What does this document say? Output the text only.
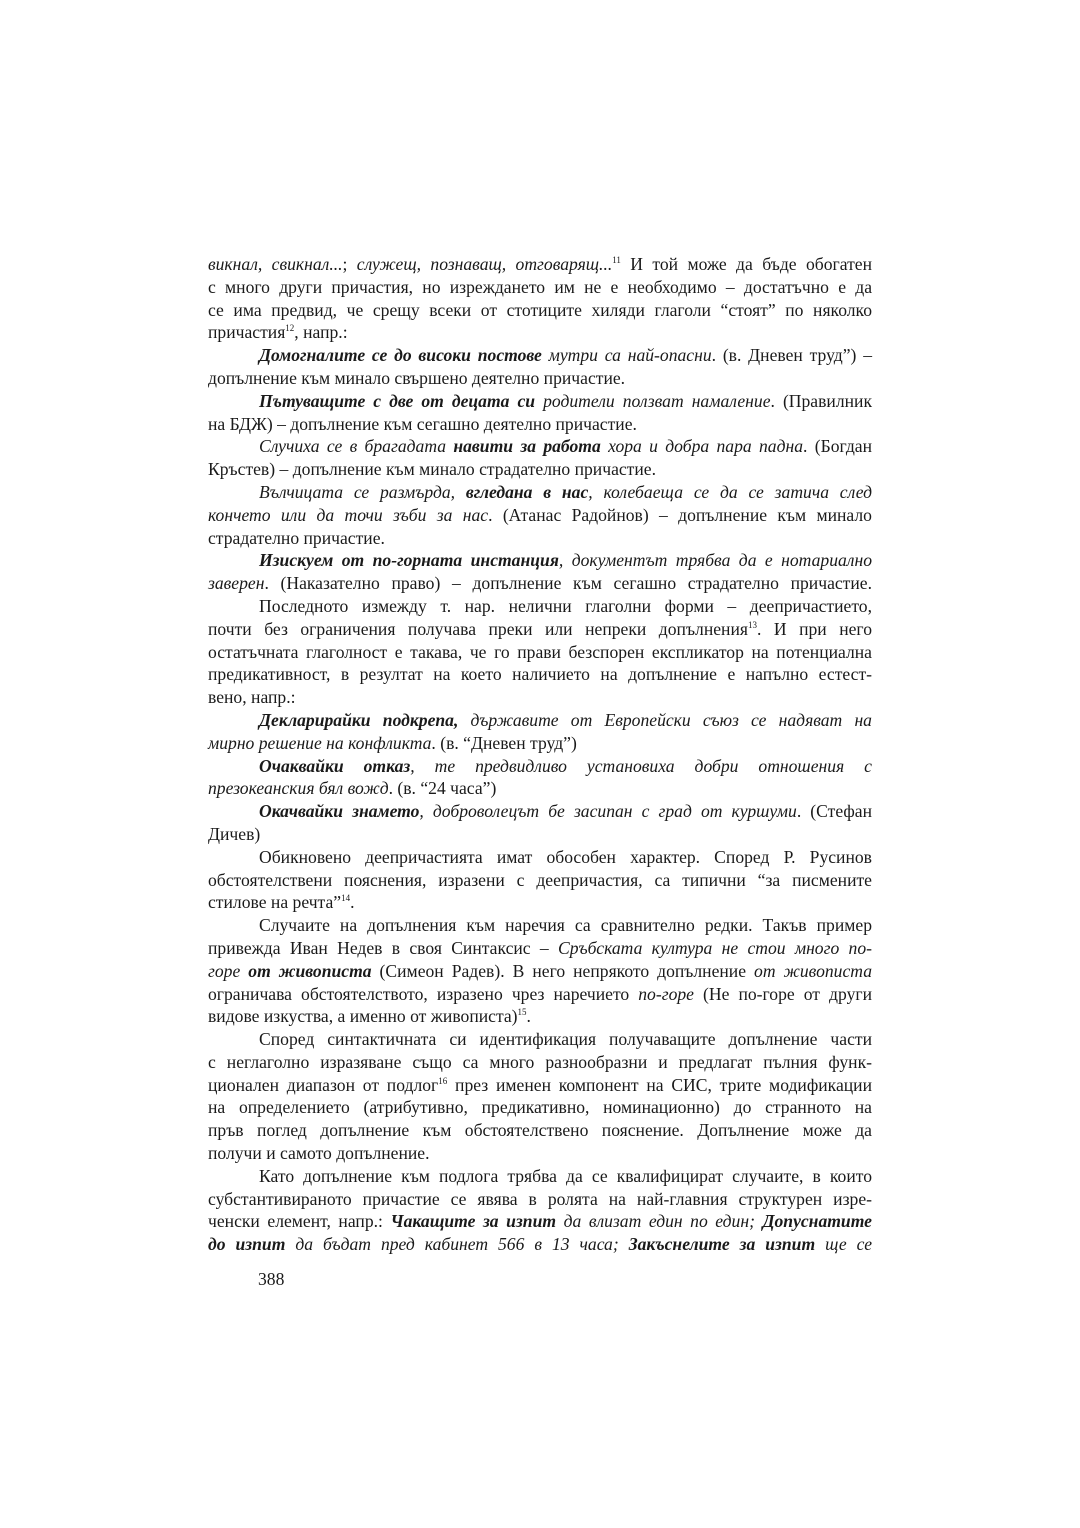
викнал, свикнал...; служещ, познаващ, отговарящ...$^{11}$ И той може да бъде обогатен
с много други причастия, но изреждането им не е необходимо – достатъчно е да
се има предвид, че срещу всеки от стотиците хиляди глаголи “стоят” по няколко
причастия$^{12}$, напр.:
Домогналите се до високи постове мутри са най-опасни. (в. Дневен труд”) –
допълнение към минало свършено деятелно причастие.
Пътуващите с две от децата си родители ползват намаление. (Правилник
на БДЖ) – допълнение към сегашно деятелно причастие.
Случиха се в брагадата навити за работа хора и добра пара падна. (Богдан
Кръстев) – допълнение към минало страдателно причастие.
Вълчицата се размърда, вгледана в нас, колебаеща се да се затича след
кончето или да точи зъби за нас. (Атанас Радойнов) – допълнение към минало
страдателно причастие.
Изискуем от по-горната инстанция, документът трябва да е нотариално
заверен. (Наказателно право) – допълнение към сегашно страдателно причастие.
Последното измежду т. нар. нелични глаголни форми – деепричастието,
почти без ограничения получава преки или непреки допълнения$^{13}$. И при него
остатъчната глаголност е такава, че го прави безспорен експликатор на потенциална
предикативност, в резултат на което наличието на допълнение е напълно естест-
вено, напр.:
Декларирайки подкрепа, държавите от Европейски съюз се надяват на
мирно решение на конфликта. (в. “Дневен труд”)
Очаквайки отказ, те предвидливо установиха добри отношения с
презокеанския бял вожд. (в. “24 часа”)
Окачвайки знамето, доброволецът бе засипан с град от куршуми. (Стефан
Дичев)
Обикновено деепричастията имат обособен характер. Според Р. Русинов
обстоятелствени пояснения, изразени с деепричастия, са типични “за писмените
стилове на речта”$^{14}$.
Случаите на допълнения към наречия са сравнително редки. Такъв пример
привежда Иван Недев в своя Синтаксис – Сръбската култура не стои много по-
горе от живописта (Симеон Радев). В него непрякото допълнение от живописта
ограничава обстоятелството, изразено чрез наречието по-горе (Не по-горе от други
видове изкуства, а именно от живописта)$^{15}$.
Според синтактичната си идентификация получаващите допълнение части
с неглаголно изразяване също са много разнообразни и предлагат пълния функ-
ционален диапазон от подлог$^{16}$ през именен компонент на СИС, трите модификации
на определението (атрибутивно, предикативно, номинационно) до странното на
пръв поглед допълнение към обстоятелствено пояснение. Допълнение може да
получи и самото допълнение.
Като допълнение към подлога трябва да се квалифицират случаите, в които
субстантивираното причастие се явява в ролята на най-главния структурен изре-
ченски елемент, напр.: Чакащите за изпит да влизат един по един; Допуснатите
до изпит да бъдат пред кабинет 566 в 13 часа; Закъснелите за изпит ще се
388
